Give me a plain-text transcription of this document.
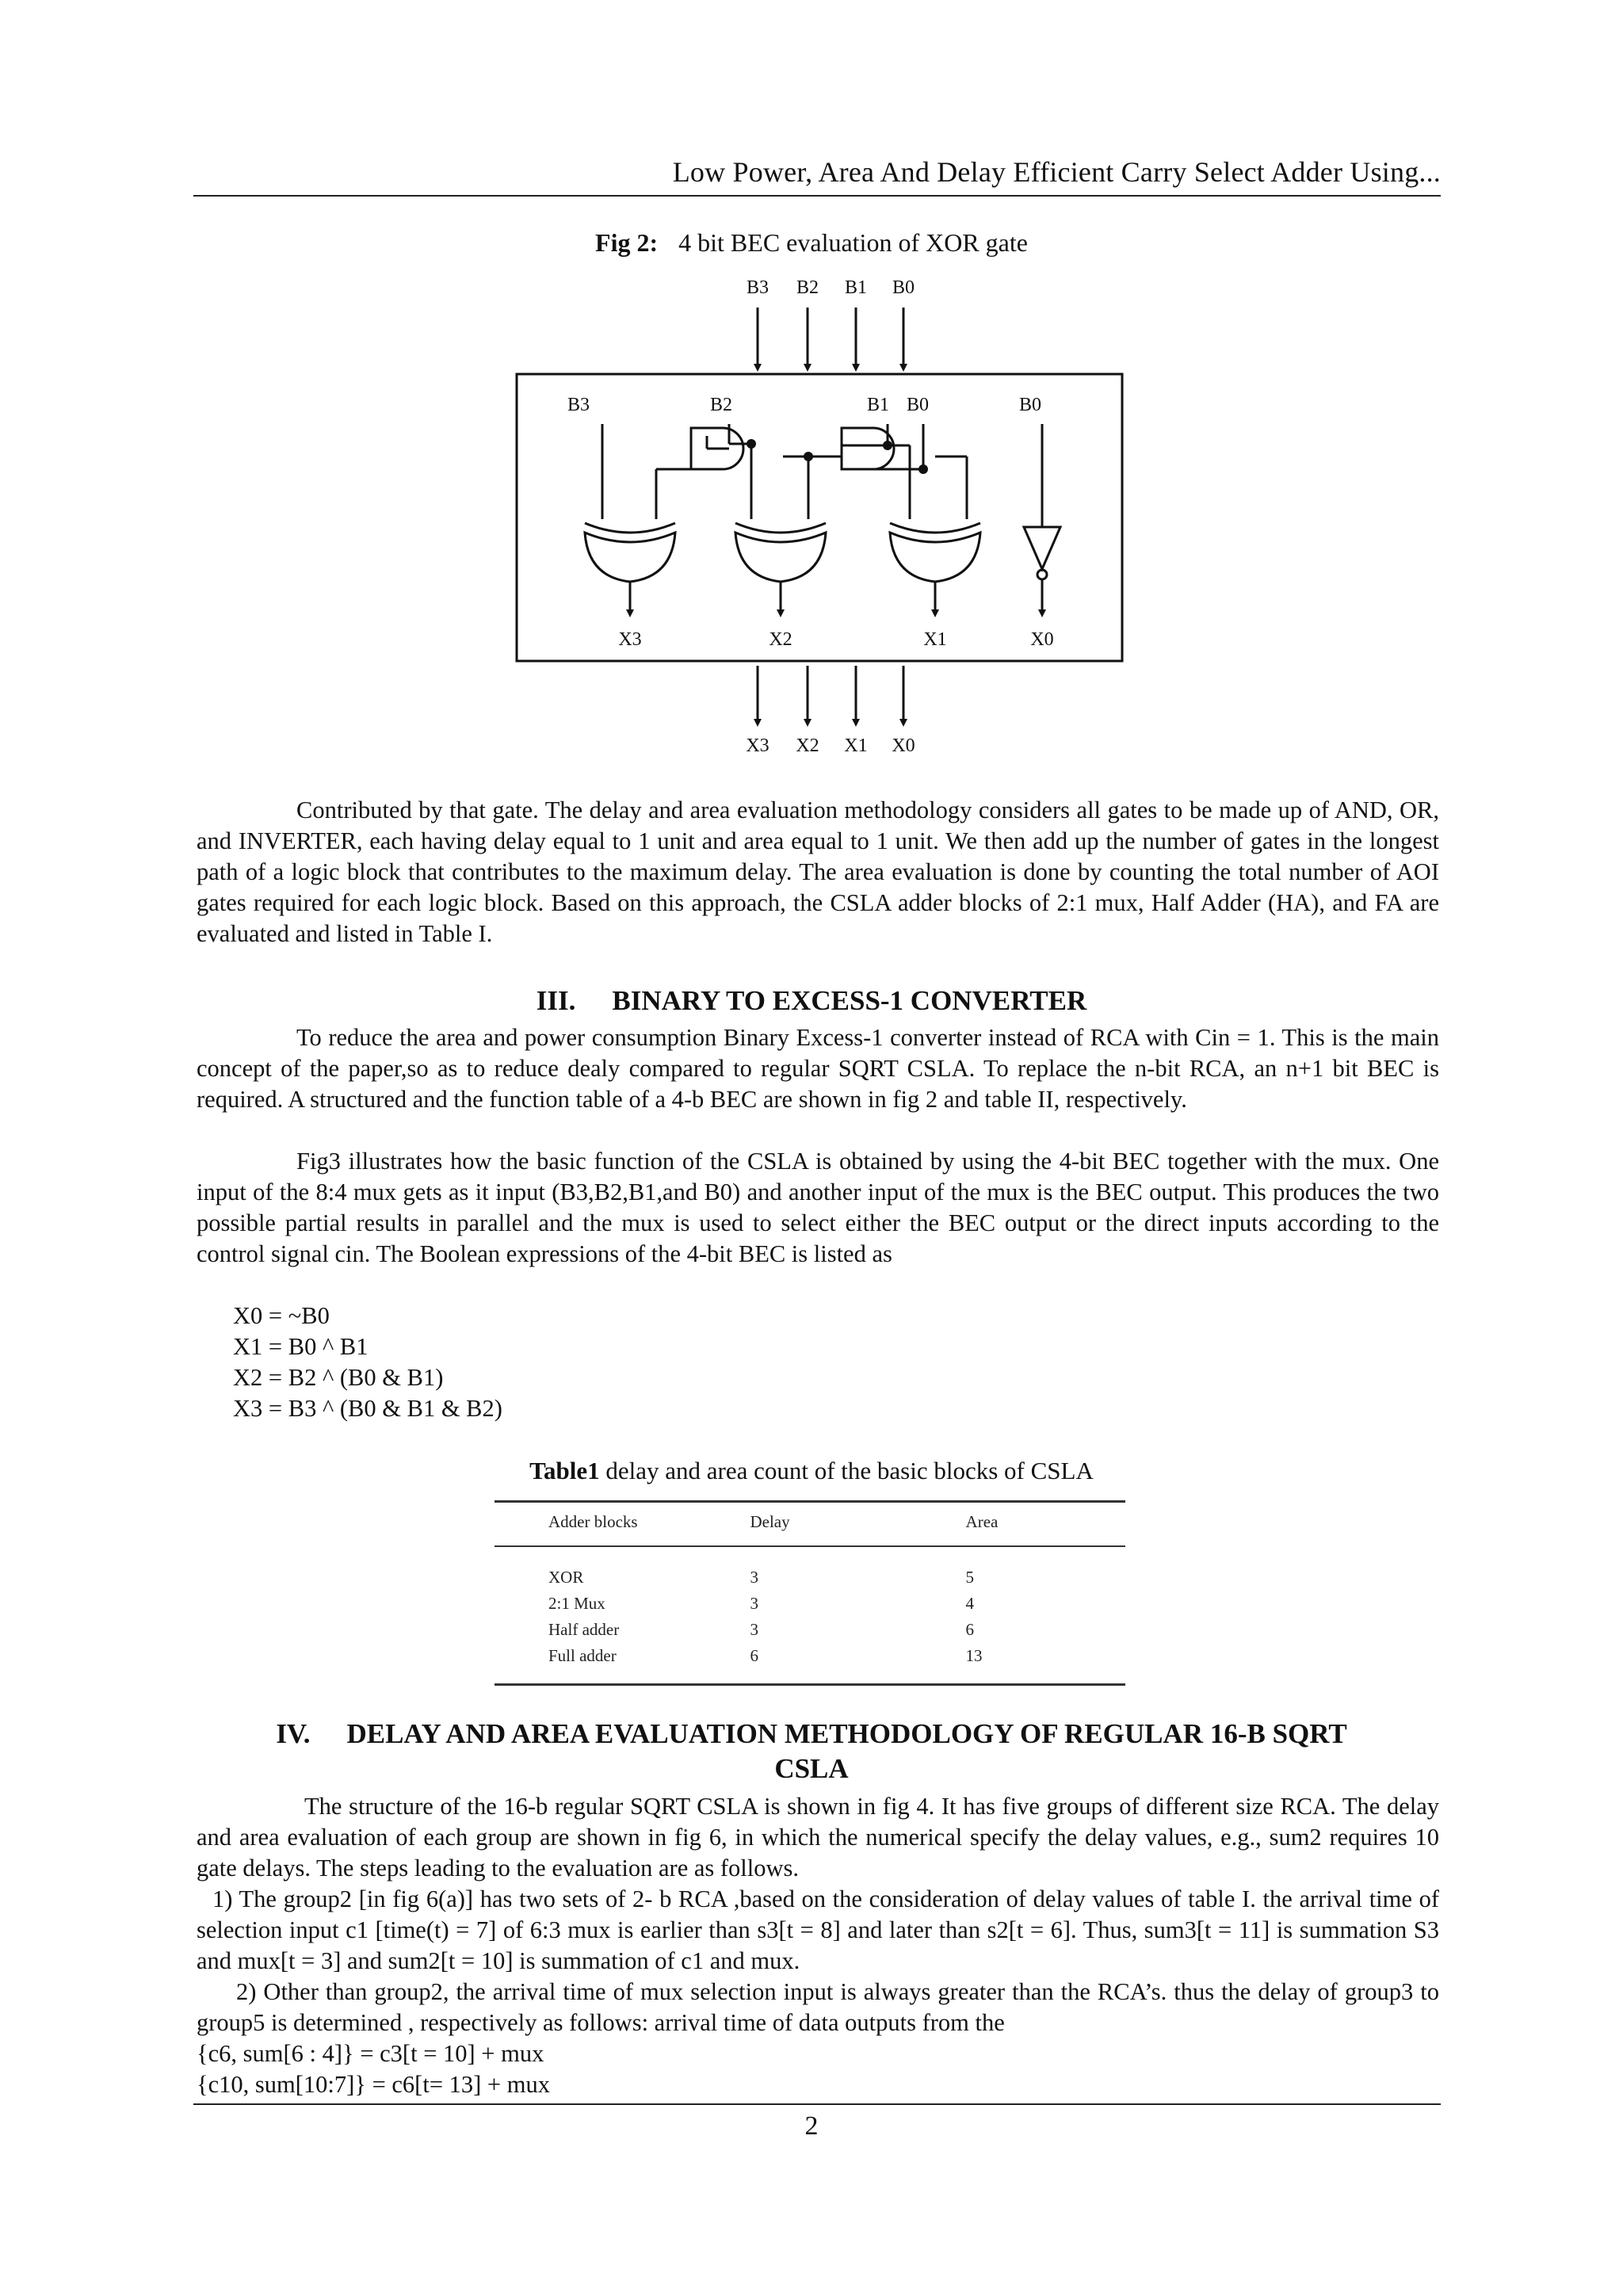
Low Power, Area And Delay Efficient Carry Select Adder Using...
Fig 2: 4 bit BEC evaluation of XOR gate
B3 B2 B1 B0
B3	B2	B1 B0	B0
X3	X2	X1	X0
X3 X2 X1 X0

Contributed by that gate. The delay and area evaluation methodology considers all gates to be made up of AND, OR, and INVERTER, each having delay equal to 1 unit and area equal to 1 unit. We then add up the number of gates in the longest path of a logic block that contributes to the maximum delay. The area evaluation is done by counting the total number of AOI gates required for each logic block. Based on this approach, the CSLA adder blocks of 2:1 mux, Half Adder (HA), and FA are evaluated and listed in Table I.

III. BINARY TO EXCESS-1 CONVERTER

To reduce the area and power consumption Binary Excess-1 converter instead of RCA with Cin = 1. This is the main concept of the paper,so as to reduce dealy compared to regular SQRT CSLA. To replace the n-bit RCA, an n+1 bit BEC is required. A structured and the function table of a 4-b BEC are shown in fig 2 and table II, respectively.

Fig3 illustrates how the basic function of the CSLA is obtained by using the 4-bit BEC together with the mux. One input of the 8:4 mux gets as it input (B3,B2,B1,and B0) and another input of the mux is the BEC output. This produces the two possible partial results in parallel and the mux is used to select either the BEC output or the direct inputs according to the control signal cin. The Boolean expressions of the 4-bit BEC is listed as

X0 = ~B0
X1 = B0 ^ B1
X2 = B2 ^ (B0 & B1)
X3 = B3 ^ (B0 & B1 & B2)
Table1 delay and area count of the basic blocks of CSLA
Adder blocks	Delay	Area
XOR	3	5
2:1 Mux	3	4
Half adder	3	6
Full adder	6	13
IV. DELAY AND AREA EVALUATION METHODOLOGY OF REGULAR 16-B SQRT
CSLA

The structure of the 16-b regular SQRT CSLA is shown in fig 4. It has five groups of different size RCA. The delay and area evaluation of each group are shown in fig 6, in which the numerical specify the delay values, e.g., sum2 requires 10 gate delays. The steps leading to the evaluation are as follows.

1) The group2 [in fig 6(a)] has two sets of 2- b RCA ,based on the consideration of delay values of table I. the arrival time of selection input c1 [time(t) = 7] of 6:3 mux is earlier than s3[t = 8] and later than s2[t = 6]. Thus, sum3[t = 11] is summation S3 and mux[t = 3] and sum2[t = 10] is summation of c1 and mux.

2) Other than group2, the arrival time of mux selection input is always greater than the RCA’s. thus the delay of group3 to group5 is determined , respectively as follows: arrival time of data outputs from the

{c6, sum[6 : 4]} = c3[t = 10] + mux
{c10, sum[10:7]} = c6[t= 13] + mux
2
